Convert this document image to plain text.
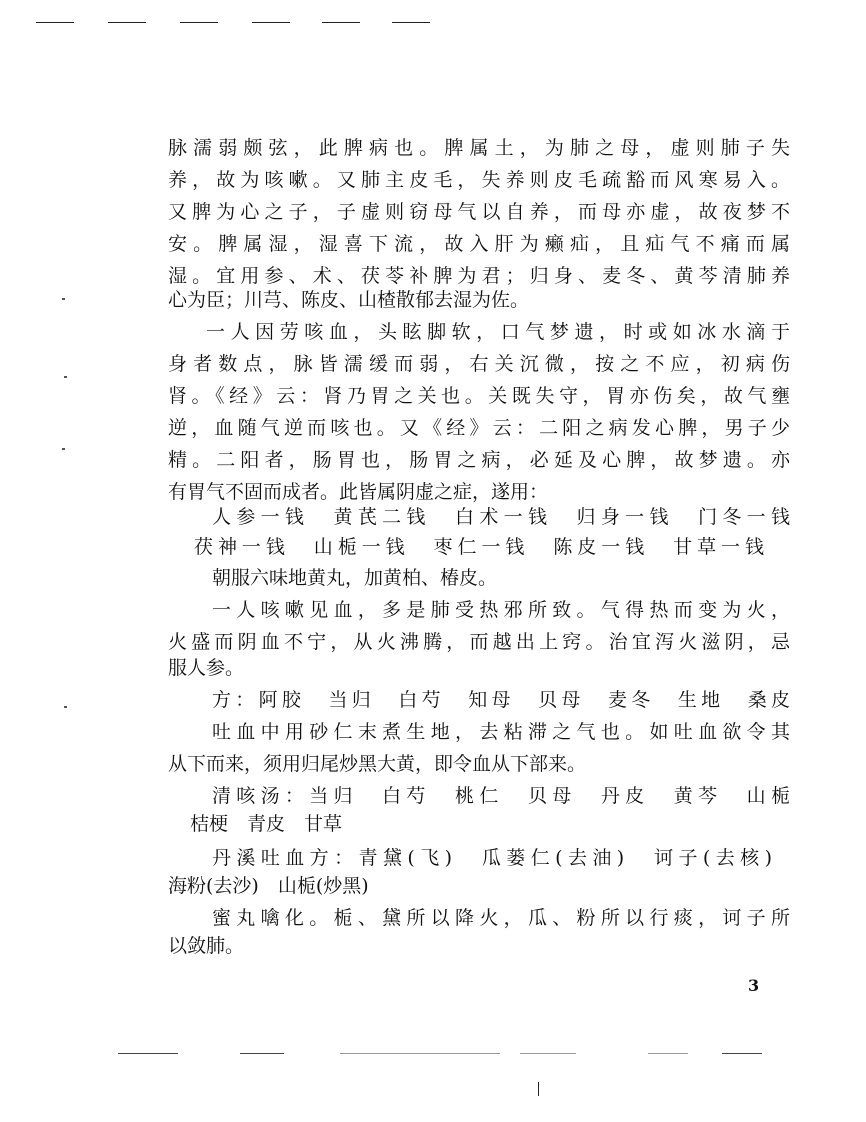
脉濡弱颇弦，此脾病也。脾属土，为肺之母，虚则肺子失
养，故为咳嗽。又肺主皮毛，失养则皮毛疏豁而风寒易入。
又脾为心之子，子虚则窃母气以自养，而母亦虚，故夜梦不
安。脾属湿，湿喜下流，故入肝为癞疝，且疝气不痛而属
湿。宜用参、术、茯苓补脾为君；归身、麦冬、黄芩清肺养
心为臣；川芎、陈皮、山楂散郁去湿为佐。
一人因劳咳血，头眩脚软，口气梦遗，时或如冰水滴于
身者数点，脉皆濡缓而弱，右关沉微，按之不应，初病伤
肾。《经》云：肾乃胃之关也。关既失守，胃亦伤矣，故气壅
逆，血随气逆而咳也。又《经》云：二阳之病发心脾，男子少
精。二阳者，肠胃也，肠胃之病，必延及心脾，故梦遗。亦
有胃气不固而成者。此皆属阴虚之症，遂用：
人参一钱　黄芪二钱　白术一钱　归身一钱　门冬一钱
茯神一钱　山栀一钱　枣仁一钱　陈皮一钱　甘草一钱
朝服六味地黄丸，加黄柏、椿皮。
一人咳嗽见血，多是肺受热邪所致。气得热而变为火，
火盛而阴血不宁，从火沸腾，而越出上窍。治宜泻火滋阴，忌
服人参。
方：阿胶　当归　白芍　知母　贝母　麦冬　生地　桑皮
吐血中用砂仁末煮生地，去粘滞之气也。如吐血欲令其
从下而来，须用归尾炒黑大黄，即令血从下部来。
清咳汤：当归　白芍　桃仁　贝母　丹皮　黄芩　山栀
桔梗　青皮　甘草
丹溪吐血方：青黛(飞)　瓜蒌仁(去油)　诃子(去核)
海粉(去沙)　山栀(炒黑)
蜜丸噙化。栀、黛所以降火，瓜、粉所以行痰，诃子所
以敛肺。
3
